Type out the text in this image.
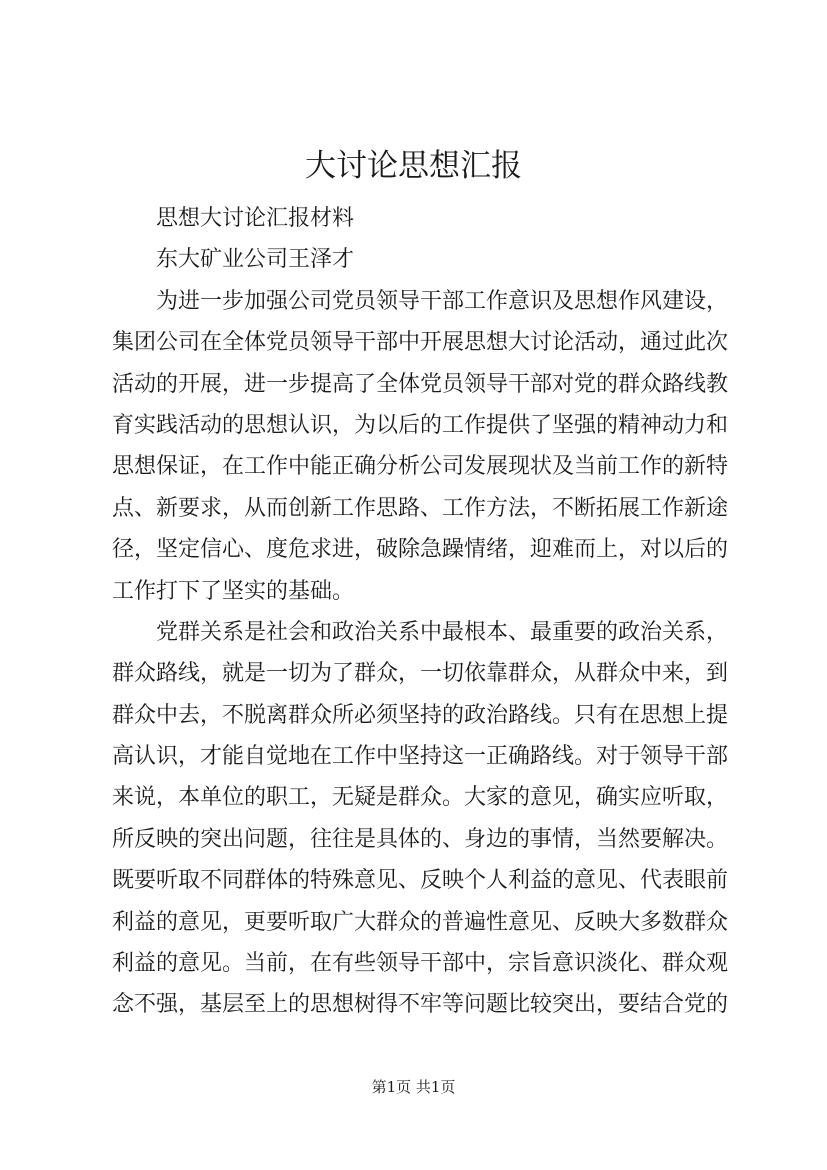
大讨论思想汇报
思想大讨论汇报材料
东大矿业公司王泽才
为进一步加强公司党员领导干部工作意识及思想作风建设，
集团公司在全体党员领导干部中开展思想大讨论活动，通过此次
活动的开展，进一步提高了全体党员领导干部对党的群众路线教
育实践活动的思想认识，为以后的工作提供了坚强的精神动力和
思想保证，在工作中能正确分析公司发展现状及当前工作的新特
点、新要求，从而创新工作思路、工作方法，不断拓展工作新途
径，坚定信心、度危求进，破除急躁情绪，迎难而上，对以后的
工作打下了坚实的基础。
党群关系是社会和政治关系中最根本、最重要的政治关系，
群众路线，就是一切为了群众，一切依靠群众，从群众中来，到
群众中去，不脱离群众所必须坚持的政治路线。只有在思想上提
高认识，才能自觉地在工作中坚持这一正确路线。对于领导干部
来说，本单位的职工，无疑是群众。大家的意见，确实应听取，
所反映的突出问题，往往是具体的、身边的事情，当然要解决。
既要听取不同群体的特殊意见、反映个人利益的意见、代表眼前
利益的意见，更要听取广大群众的普遍性意见、反映大多数群众
利益的意见。当前，在有些领导干部中，宗旨意识淡化、群众观
念不强，基层至上的思想树得不牢等问题比较突出，要结合党的
第1页 共1页
